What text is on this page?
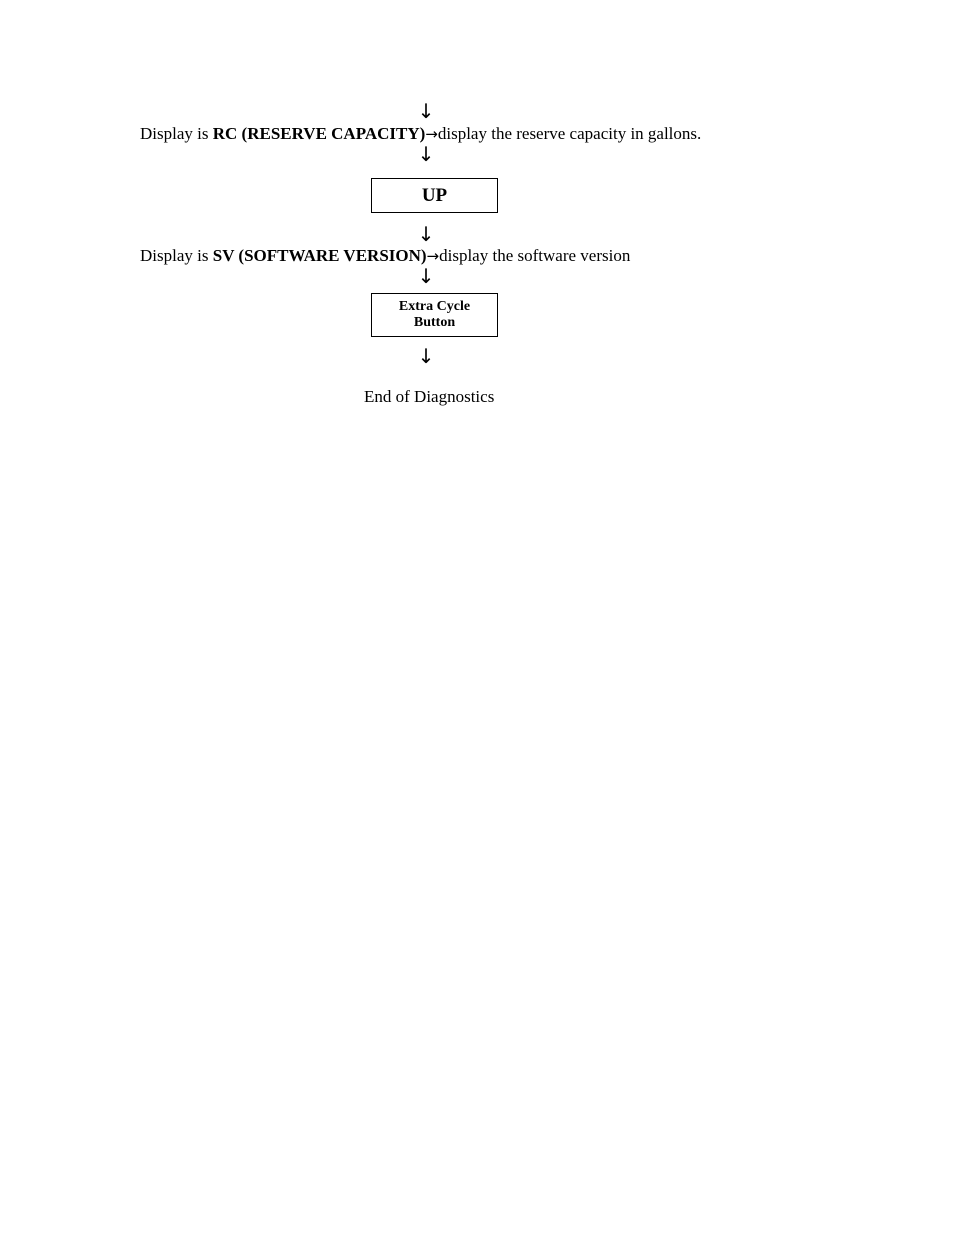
↓
Display is RC (RESERVE CAPACITY)→display the reserve capacity in gallons.
↓
UP
↓
Display is SV (SOFTWARE VERSION)→display the software version
↓
Extra Cycle
Button
↓
End of Diagnostics
